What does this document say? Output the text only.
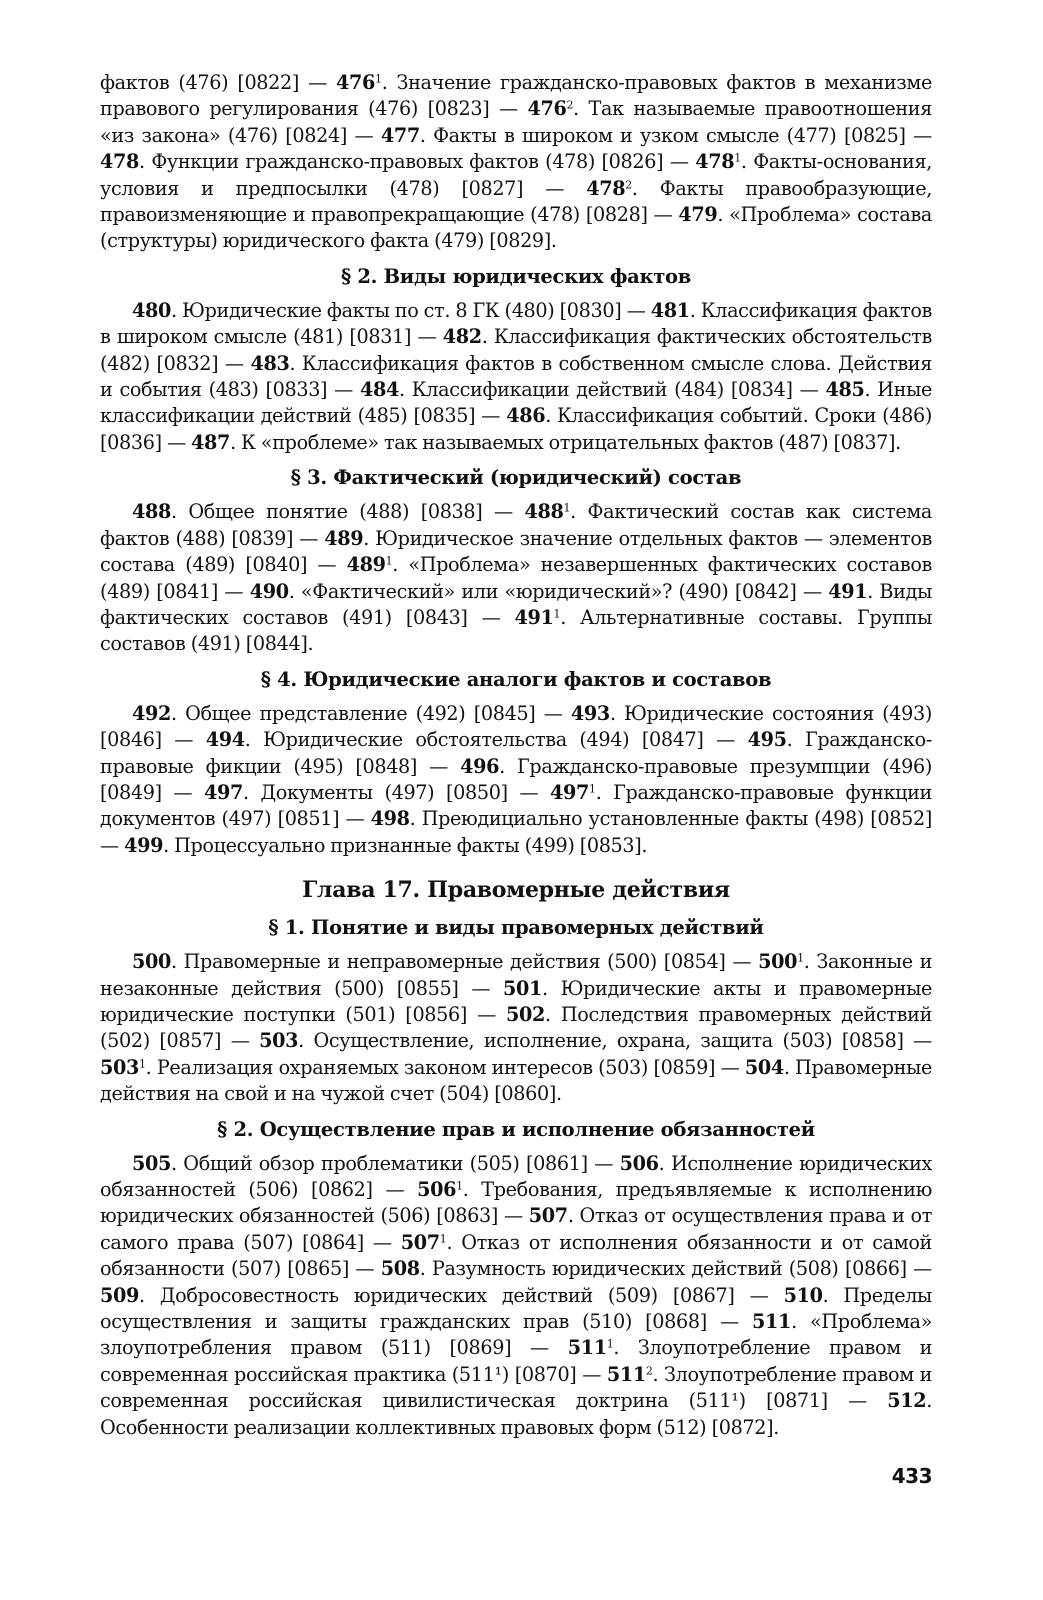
фактов (476) [0822] — $476^1$. Значение гражданско-правовых фактов в механизме правового регулирования (476) [0823] — $476^2$. Так называемые правоотношения «из закона» (476) [0824] — 477. Факты в широком и узком смысле (477) [0825] — 478. Функции гражданско-правовых фактов (478) [0826] — $478^1$. Факты-основания, условия и предпосылки (478) [0827] — $478^2$. Факты правообразующие, правоизменяющие и правопрекращающие (478) [0828] — 479. «Проблема» состава (структуры) юридического факта (479) [0829].

§ 2. Виды юридических фактов

480. Юридические факты по ст. 8 ГК (480) [0830] — 481. Классификация фактов в широком смысле (481) [0831] — 482. Классификация фактических обстоятельств (482) [0832] — 483. Классификация фактов в собственном смысле слова. Действия и события (483) [0833] — 484. Классификации действий (484) [0834] — 485. Иные классификации действий (485) [0835] — 486. Классификация событий. Сроки (486) [0836] — 487. К «проблеме» так называемых отрицательных фактов (487) [0837].

§ 3. Фактический (юридический) состав

488. Общее понятие (488) [0838] — $488^1$. Фактический состав как система фактов (488) [0839] — 489. Юридическое значение отдельных фактов — элементов состава (489) [0840] — $489^1$. «Проблема» незавершенных фактических составов (489) [0841] — 490. «Фактический» или «юридический»? (490) [0842] — 491. Виды фактических составов (491) [0843] — $491^1$. Альтернативные составы. Группы составов (491) [0844].

§ 4. Юридические аналоги фактов и составов

492. Общее представление (492) [0845] — 493. Юридические состояния (493) [0846] — 494. Юридические обстоятельства (494) [0847] — 495. Гражданско-правовые фикции (495) [0848] — 496. Гражданско-правовые презумпции (496) [0849] — 497. Документы (497) [0850] — $497^1$. Гражданско-правовые функции документов (497) [0851] — 498. Преюдициально установленные факты (498) [0852] — 499. Процессуально признанные факты (499) [0853].

Глава 17. Правомерные действия
§ 1. Понятие и виды правомерных действий

500. Правомерные и неправомерные действия (500) [0854] — $500^1$. Законные и незаконные действия (500) [0855] — 501. Юридические акты и правомерные юридические поступки (501) [0856] — 502. Последствия правомерных действий (502) [0857] — 503. Осуществление, исполнение, охрана, защита (503) [0858] — $503^1$. Реализация охраняемых законом интересов (503) [0859] — 504. Правомерные действия на свой и на чужой счет (504) [0860].

§ 2. Осуществление прав и исполнение обязанностей

505. Общий обзор проблематики (505) [0861] — 506. Исполнение юридических обязанностей (506) [0862] — $506^1$. Требования, предъявляемые к исполнению юридических обязанностей (506) [0863] — 507. Отказ от осуществления права и от самого права (507) [0864] — $507^1$. Отказ от исполнения обязанности и от самой обязанности (507) [0865] — 508. Разумность юридических действий (508) [0866] — 509. Добросовестность юридических действий (509) [0867] — 510. Пределы осуществления и защиты гражданских прав (510) [0868] — 511. «Проблема» злоупотребления правом (511) [0869] — $511^1$. Злоупотребление правом и современная российская практика (511¹) [0870] — $511^2$. Злоупотребление правом и современная российская цивилистическая доктрина (511¹) [0871] — 512. Особенности реализации коллективных правовых форм (512) [0872].

433
